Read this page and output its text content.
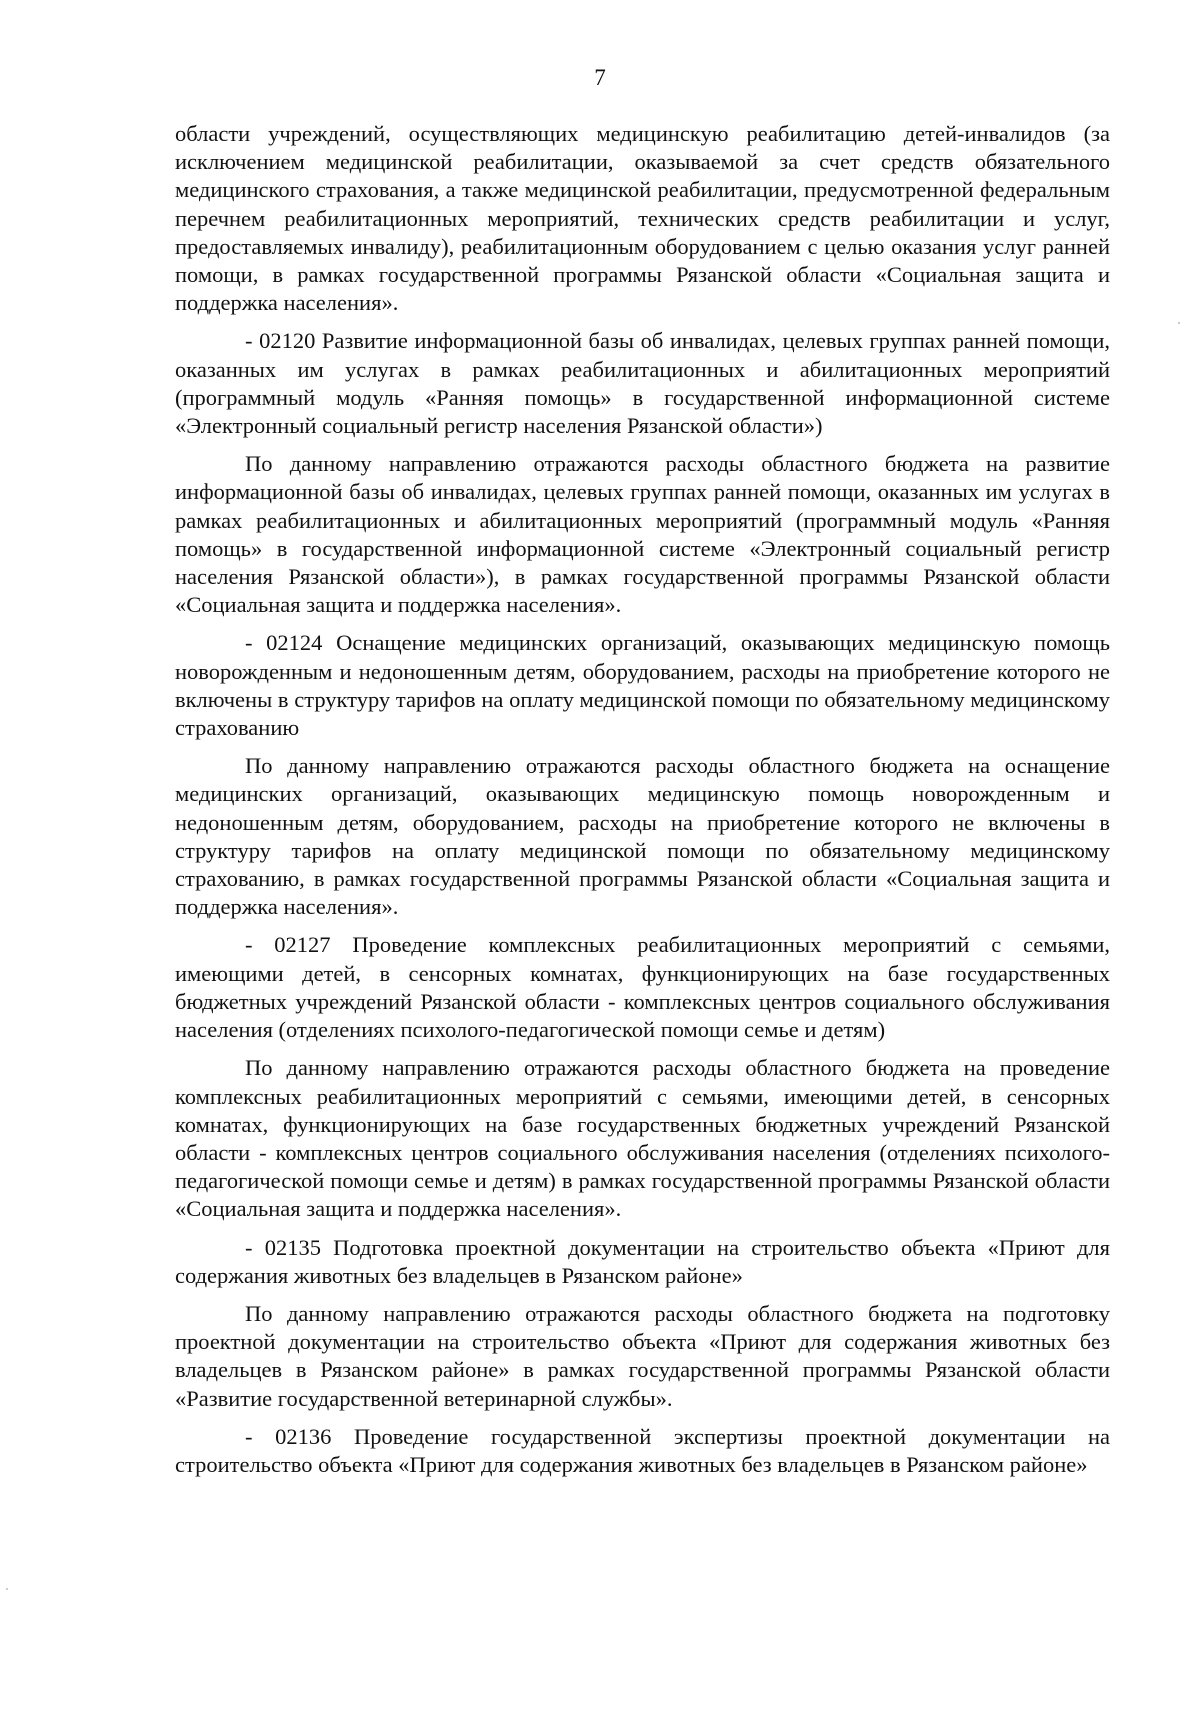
7

области учреждений, осуществляющих медицинскую реабилитацию детей-инвалидов (за исключением медицинской реабилитации, оказываемой за счет средств обязательного медицинского страхования, а также медицинской реабилитации, предусмотренной федеральным перечнем реабилитационных мероприятий, технических средств реабилитации и услуг, предоставляемых инвалиду), реабилитационным оборудованием с целью оказания услуг ранней помощи, в рамках государственной программы Рязанской области «Социальная защита и поддержка населения».

- 02120 Развитие информационной базы об инвалидах, целевых группах ранней помощи, оказанных им услугах в рамках реабилитационных и абилитационных мероприятий (программный модуль «Ранняя помощь» в государственной информационной системе «Электронный социальный регистр населения Рязанской области»)

По данному направлению отражаются расходы областного бюджета на развитие информационной базы об инвалидах, целевых группах ранней помощи, оказанных им услугах в рамках реабилитационных и абилитационных мероприятий (программный модуль «Ранняя помощь» в государственной информационной системе «Электронный социальный регистр населения Рязанской области»), в рамках государственной программы Рязанской области «Социальная защита и поддержка населения».

- 02124 Оснащение медицинских организаций, оказывающих медицинскую помощь новорожденным и недоношенным детям, оборудованием, расходы на приобретение которого не включены в структуру тарифов на оплату медицинской помощи по обязательному медицинскому страхованию

По данному направлению отражаются расходы областного бюджета на оснащение медицинских организаций, оказывающих медицинскую помощь новорожденным и недоношенным детям, оборудованием, расходы на приобретение которого не включены в структуру тарифов на оплату медицинской помощи по обязательному медицинскому страхованию, в рамках государственной программы Рязанской области «Социальная защита и поддержка населения».

- 02127 Проведение комплексных реабилитационных мероприятий с семьями, имеющими детей, в сенсорных комнатах, функционирующих на базе государственных бюджетных учреждений Рязанской области - комплексных центров социального обслуживания населения (отделениях психолого-педагогической помощи семье и детям)

По данному направлению отражаются расходы областного бюджета на проведение комплексных реабилитационных мероприятий с семьями, имеющими детей, в сенсорных комнатах, функционирующих на базе государственных бюджетных учреждений Рязанской области - комплексных центров социального обслуживания населения (отделениях психолого-педагогической помощи семье и детям) в рамках государственной программы Рязанской области «Социальная защита и поддержка населения».

- 02135 Подготовка проектной документации на строительство объекта «Приют для содержания животных без владельцев в Рязанском районе»

По данному направлению отражаются расходы областного бюджета на подготовку проектной документации на строительство объекта «Приют для содержания животных без владельцев в Рязанском районе» в рамках государственной программы Рязанской области «Развитие государственной ветеринарной службы».

- 02136 Проведение государственной экспертизы проектной документации на строительство объекта «Приют для содержания животных без владельцев в Рязанском районе»
